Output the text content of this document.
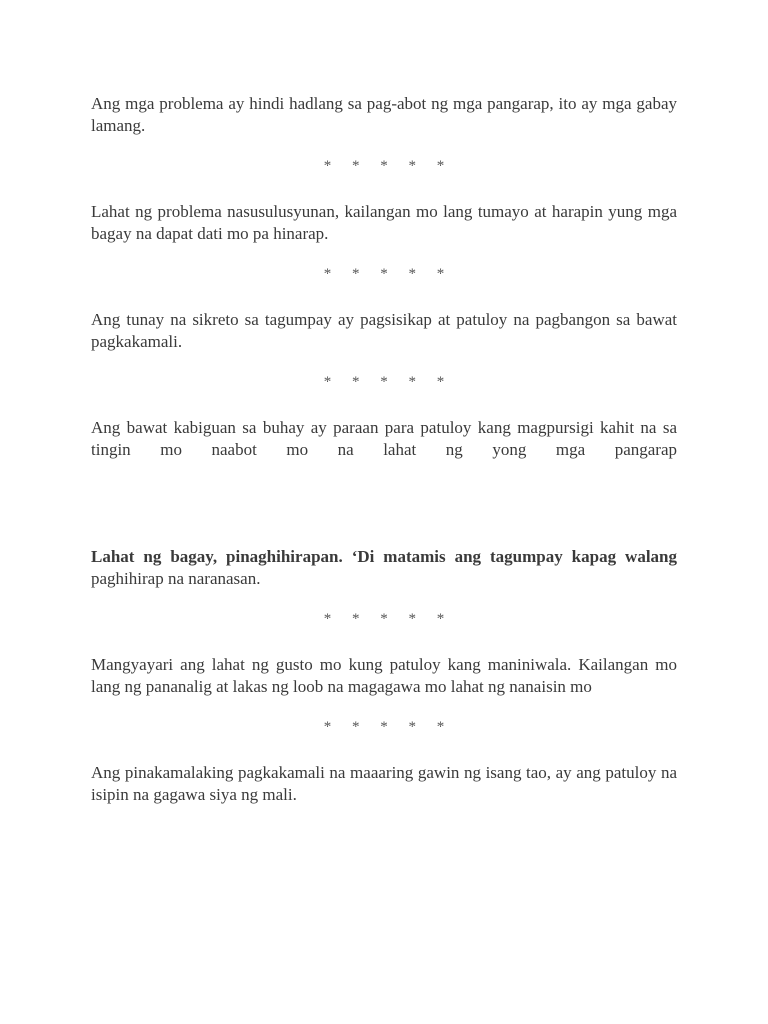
Ang mga problema ay hindi hadlang sa pag-abot ng mga pangarap, ito ay mga gabay lamang.

* * * * *

Lahat ng problema nasusulusyunan, kailangan mo lang tumayo at harapin yung mga bagay na dapat dati mo pa hinarap.

* * * * *

Ang tunay na sikreto sa tagumpay ay pagsisikap at patuloy na pagbangon sa bawat pagkakamali.

* * * * *

Ang bawat kabiguan sa buhay ay paraan para patuloy kang magpursigi kahit na sa tingin mo naabot mo na lahat ng yong mga pangarap

Lahat ng bagay, pinaghihirapan. ‘Di matamis ang tagumpay kapag walang paghihirap na naranasan.

* * * * *

Mangyayari ang lahat ng gusto mo kung patuloy kang maniniwala. Kailangan mo lang ng pananalig at lakas ng loob na magagawa mo lahat ng nanaisin mo

* * * * *

Ang pinakamalaking pagkakamali na maaaring gawin ng isang tao, ay ang patuloy na isipin na gagawa siya ng mali.
